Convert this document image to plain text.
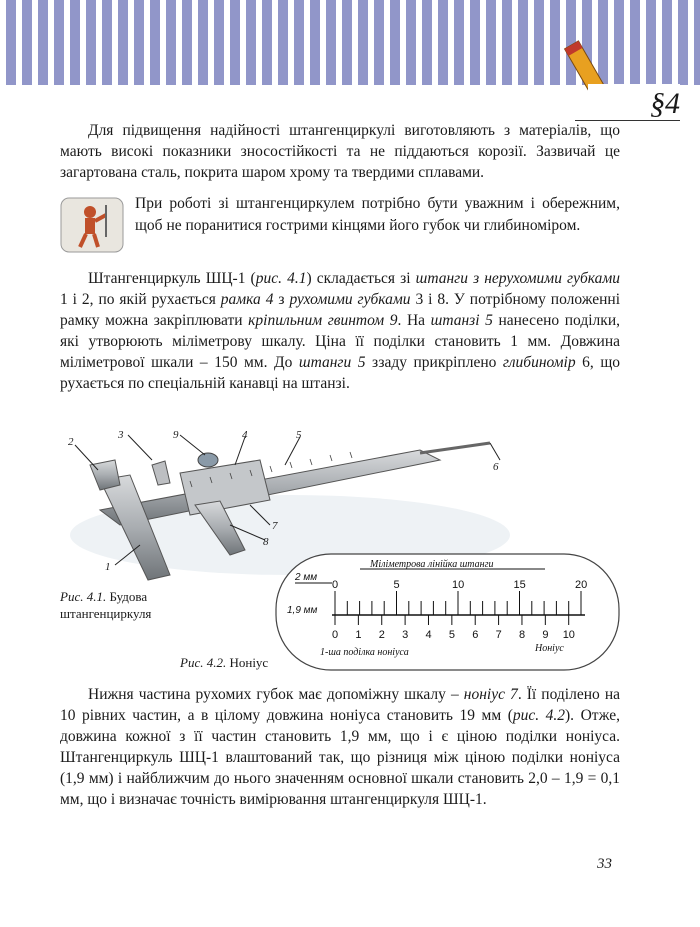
§4

Для підвищення надійності штангенциркулі виготовляють з матеріалів, що мають високі показники зносостійкості та не піддаються корозії. Зазвичай це загартована сталь, покрита шаром хрому та твердими сплавами.

При роботі зі штангенциркулем потрібно бути уважним і обережним, щоб не поранитися гострими кінцями його губок чи глибиноміром.

Штангенциркуль ШЦ-1 (рис. 4.1) складається зі штанги з нерухомими губками 1 і 2, по якій рухається рамка 4 з рухомими губками 3 і 8. У потрібному положенні рамку можна закріплювати кріпильним гвинтом 9. На штанзі 5 нанесено поділки, які утворюють міліметрову шкалу. Ціна її поділки становить 1 мм. Довжина міліметрової шкали – 150 мм. До штанги 5 ззаду прикріплено глибиномір 6, що рухається по спеціальній канавці на штанзі.

2
3	9	4	5
6
7
8
1
Рис. 4.1. Будова штангенциркуля
0	5	10	15	20
0 1 2 3 4 5 6 7 8 9 10
Міліметрова лінійка штанги
2 мм
1,9 мм
1-ша поділка ноніуса	Ноніус
Рис. 4.2. Ноніус

Нижня частина рухомих губок має допоміжну шкалу – ноніус 7. Її поділено на 10 рівних частин, а в цілому довжина ноніуса становить 19 мм (рис. 4.2). Отже, довжина кожної з її частин становить 1,9 мм, що і є ціною поділки ноніуса. Штангенциркуль ШЦ-1 влаштований так, що різниця між ціною поділки ноніуса (1,9 мм) і найближчим до нього значенням основної шкали становить 2,0 – 1,9 = 0,1 мм, що і визначає точність вимірювання штангенциркуля ШЦ-1.

33
